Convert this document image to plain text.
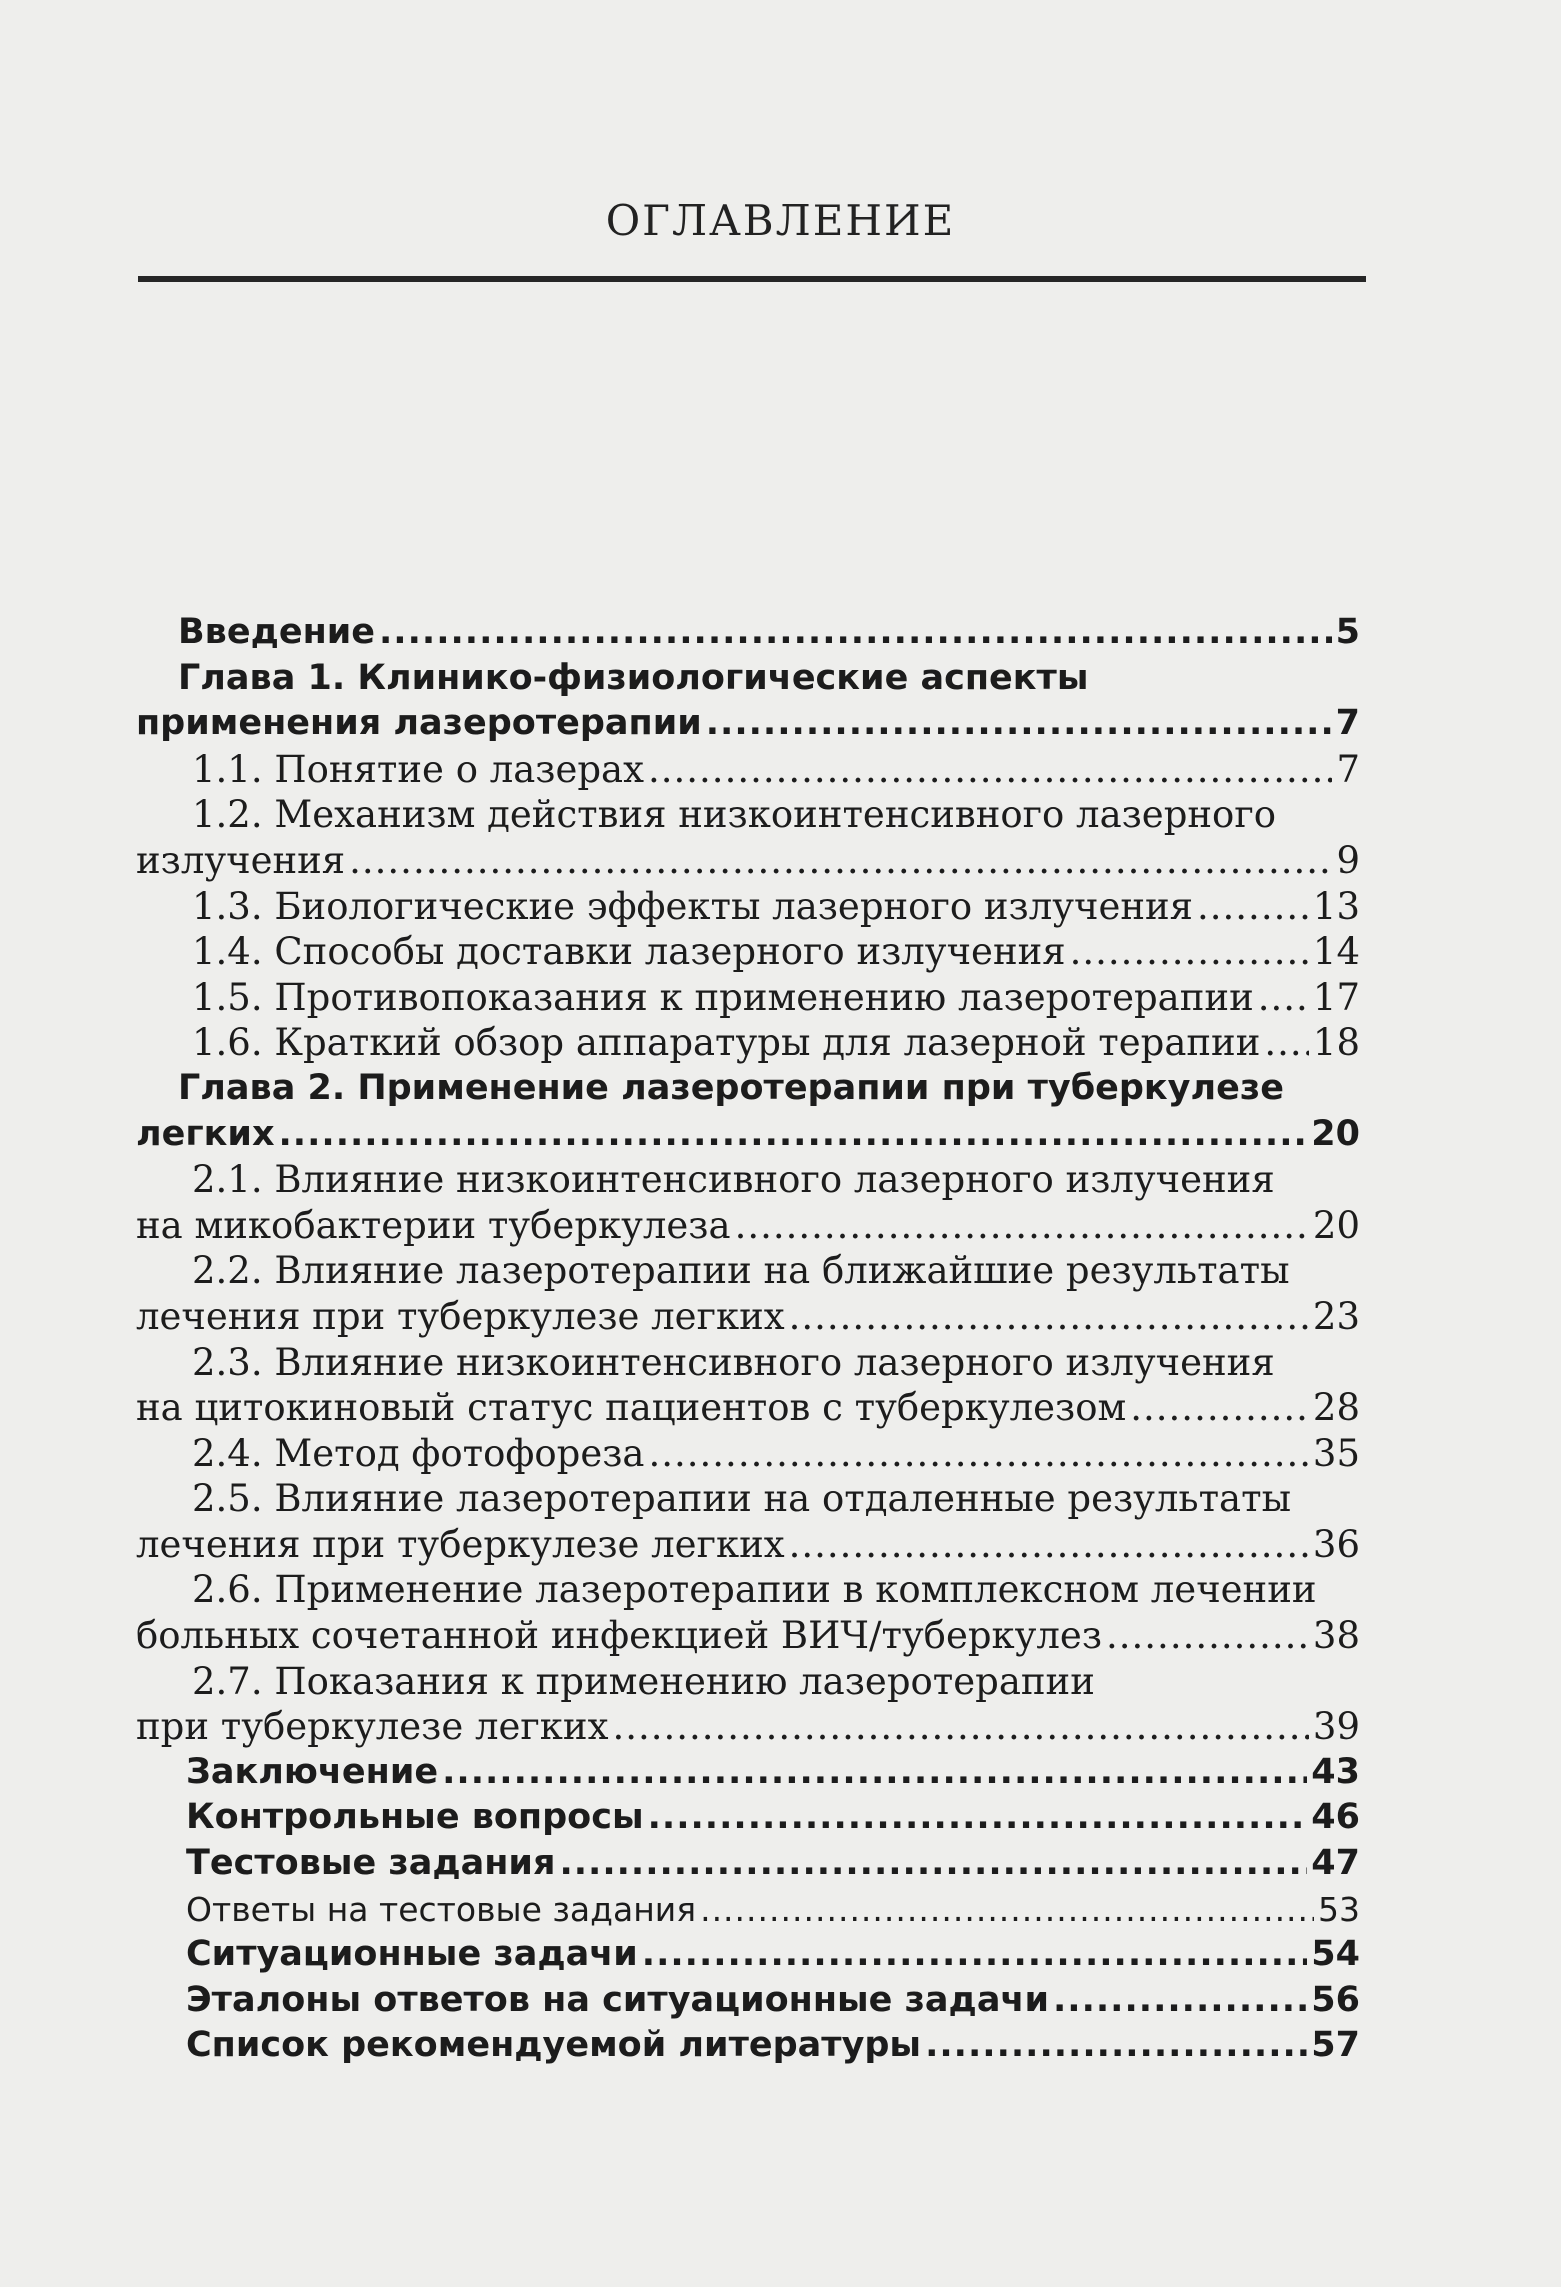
ОГЛАВЛЕНИЕ
Введение .....	5
Глава 1. Клинико-физиологические аспекты
применения лазеротерапии .....	7
1.1. Понятие о лазерах .....	7
1.2. Механизм действия низкоинтенсивного лазерного
излучения .....	9
1.3. Биологические эффекты лазерного излучения .....	13
1.4. Способы доставки лазерного излучения .....	14
1.5. Противопоказания к применению лазеротерапии ..... 17
1.6. Краткий обзор аппаратуры для лазерной терапии ..... 18
Глава 2. Применение лазеротерапии при туберкулезе
легких .....	20
2.1. Влияние низкоинтенсивного лазерного излучения
на микобактерии туберкулеза .....	20
2.2. Влияние лазеротерапии на ближайшие результаты
лечения при туберкулезе легких .....	23
2.3. Влияние низкоинтенсивного лазерного излучения
на цитокиновый статус пациентов с туберкулезом .....	28
2.4. Метод фотофореза .....	35
2.5. Влияние лазеротерапии на отдаленные результаты
лечения при туберкулезе легких .....	36
2.6. Применение лазеротерапии в комплексном лечении
больных сочетанной инфекцией ВИЧ/туберкулез .....	38
2.7. Показания к применению лазеротерапии
при туберкулезе легких .....	39
Заключение .....	43
Контрольные вопросы .....	46
Тестовые задания .....	47
Ответы на тестовые задания .....	53
Ситуационные задачи .....	54
Эталоны ответов на ситуационные задачи .....	56
Список рекомендуемой литературы .....	57
